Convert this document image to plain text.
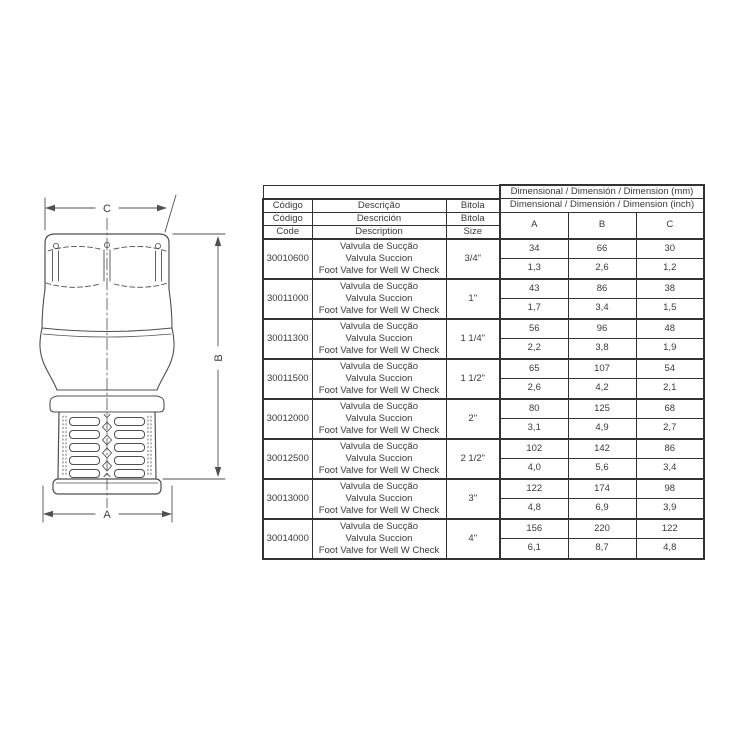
C
B
A
			Dimensional / Dimensión / Dimension (mm)		
Código	Descrição	Bitola	Dimensional / Dimensión / Dimension (inch)		
Código	Descrición	Bitola	A	B	C
Code	Description	Size			
30010600	Valvula de Sucção
Valvula Succion
Foot Valve for Well W Check	3/4"	34	66	30
			1,3	2,6	1,2
30011000	Valvula de Sucção
Valvula Succion
Foot Valve for Well W Check	1"	43	86	38
			1,7	3,4	1,5
30011300	Valvula de Sucção
Valvula Succion
Foot Valve for Well W Check	1 1/4"	56	96	48
			2,2	3,8	1,9
30011500	Valvula de Sucção
Valvula Succion
Foot Valve for Well W Check	1 1/2"	65	107	54
			2,6	4,2	2,1
30012000	Valvula de Sucção
Valvula Succion
Foot Valve for Well W Check	2"	80	125	68
			3,1	4,9	2,7
30012500	Valvula de Sucção
Valvula Succion
Foot Valve for Well W Check	2 1/2"	102	142	86
			4,0	5,6	3,4
30013000	Valvula de Sucção
Valvula Succion
Foot Valve for Well W Check	3"	122	174	98
			4,8	6,9	3,9
30014000	Valvula de Sucção
Valvula Succion
Foot Valve for Well W Check	4"	156	220	122
			6,1	8,7	4,8
